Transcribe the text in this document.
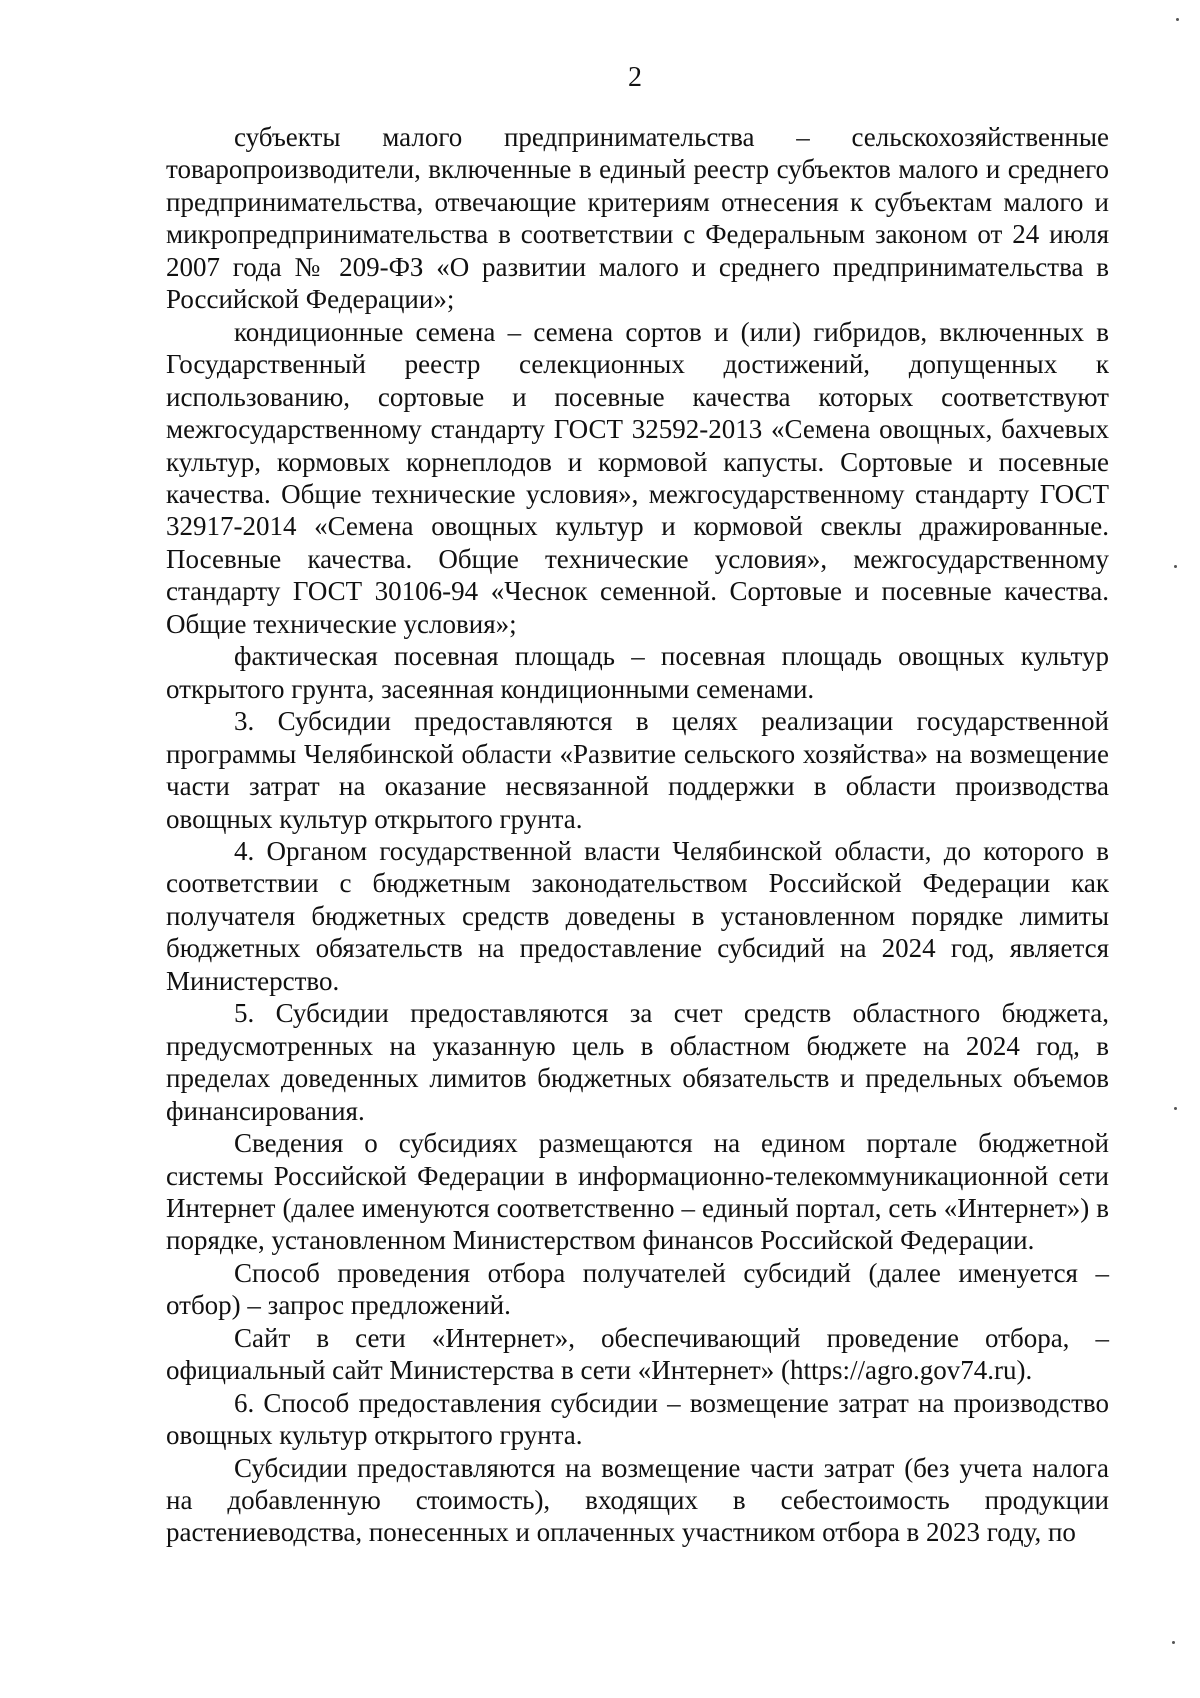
2

субъекты малого предпринимательства – сельскохозяйственные товаропроизводители, включенные в единый реестр субъектов малого и среднего предпринимательства, отвечающие критериям отнесения к субъектам малого и микропредпринимательства в соответствии с Федеральным законом от 24 июля 2007 года № 209-ФЗ «О развитии малого и среднего предпринимательства в Российской Федерации»;

кондиционные семена – семена сортов и (или) гибридов, включенных в Государственный реестр селекционных достижений, допущенных к использованию, сортовые и посевные качества которых соответствуют межгосударственному стандарту ГОСТ 32592-2013 «Семена овощных, бахчевых культур, кормовых корнеплодов и кормовой капусты. Сортовые и посевные качества. Общие технические условия», межгосударственному стандарту ГОСТ 32917-2014 «Семена овощных культур и кормовой свеклы дражированные. Посевные качества. Общие технические условия», межгосударственному стандарту ГОСТ 30106-94 «Чеснок семенной. Сортовые и посевные качества. Общие технические условия»;

фактическая посевная площадь – посевная площадь овощных культур открытого грунта, засеянная кондиционными семенами.

3. Субсидии предоставляются в целях реализации государственной программы Челябинской области «Развитие сельского хозяйства» на возмещение части затрат на оказание несвязанной поддержки в области производства овощных культур открытого грунта.

4. Органом государственной власти Челябинской области, до которого в соответствии с бюджетным законодательством Российской Федерации как получателя бюджетных средств доведены в установленном порядке лимиты бюджетных обязательств на предоставление субсидий на 2024 год, является Министерство.

5. Субсидии предоставляются за счет средств областного бюджета, предусмотренных на указанную цель в областном бюджете на 2024 год, в пределах доведенных лимитов бюджетных обязательств и предельных объемов финансирования.

Сведения о субсидиях размещаются на едином портале бюджетной системы Российской Федерации в информационно-телекоммуникационной сети Интернет (далее именуются соответственно – единый портал, сеть «Интернет») в порядке, установленном Министерством финансов Российской Федерации.

Способ проведения отбора получателей субсидий (далее именуется – отбор) – запрос предложений.

Сайт в сети «Интернет», обеспечивающий проведение отбора, – официальный сайт Министерства в сети «Интернет» (https://agro.gov74.ru).

6. Способ предоставления субсидии – возмещение затрат на производство овощных культур открытого грунта.

Субсидии предоставляются на возмещение части затрат (без учета налога на добавленную стоимость), входящих в себестоимость продукции растениеводства, понесенных и оплаченных участником отбора в 2023 году, по
